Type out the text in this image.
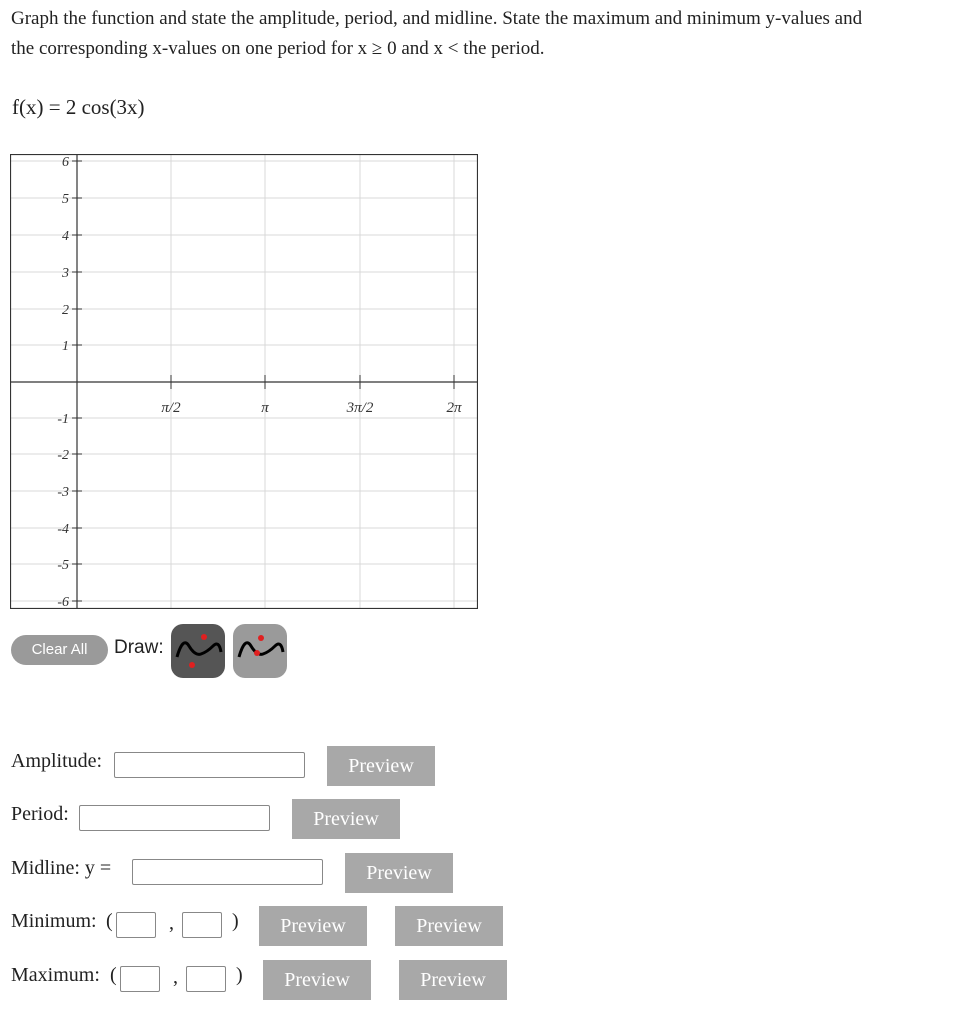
Graph the function and state the amplitude, period, and midline. State the maximum and minimum y-values and
the corresponding x-values on one period for x ≥ 0 and x < the period.
f(x) = 2 cos(3x)
6
5
4
3
2
1
-1
-2
-3
-4
-5
-6
π/2	π	3π/2	2π
Clear All	Draw:
Amplitude:	Preview
Period:	Preview
Midline: y =	Preview
Minimum: (	,	)	Preview	Preview
Maximum: (	,	)	Preview	Preview
